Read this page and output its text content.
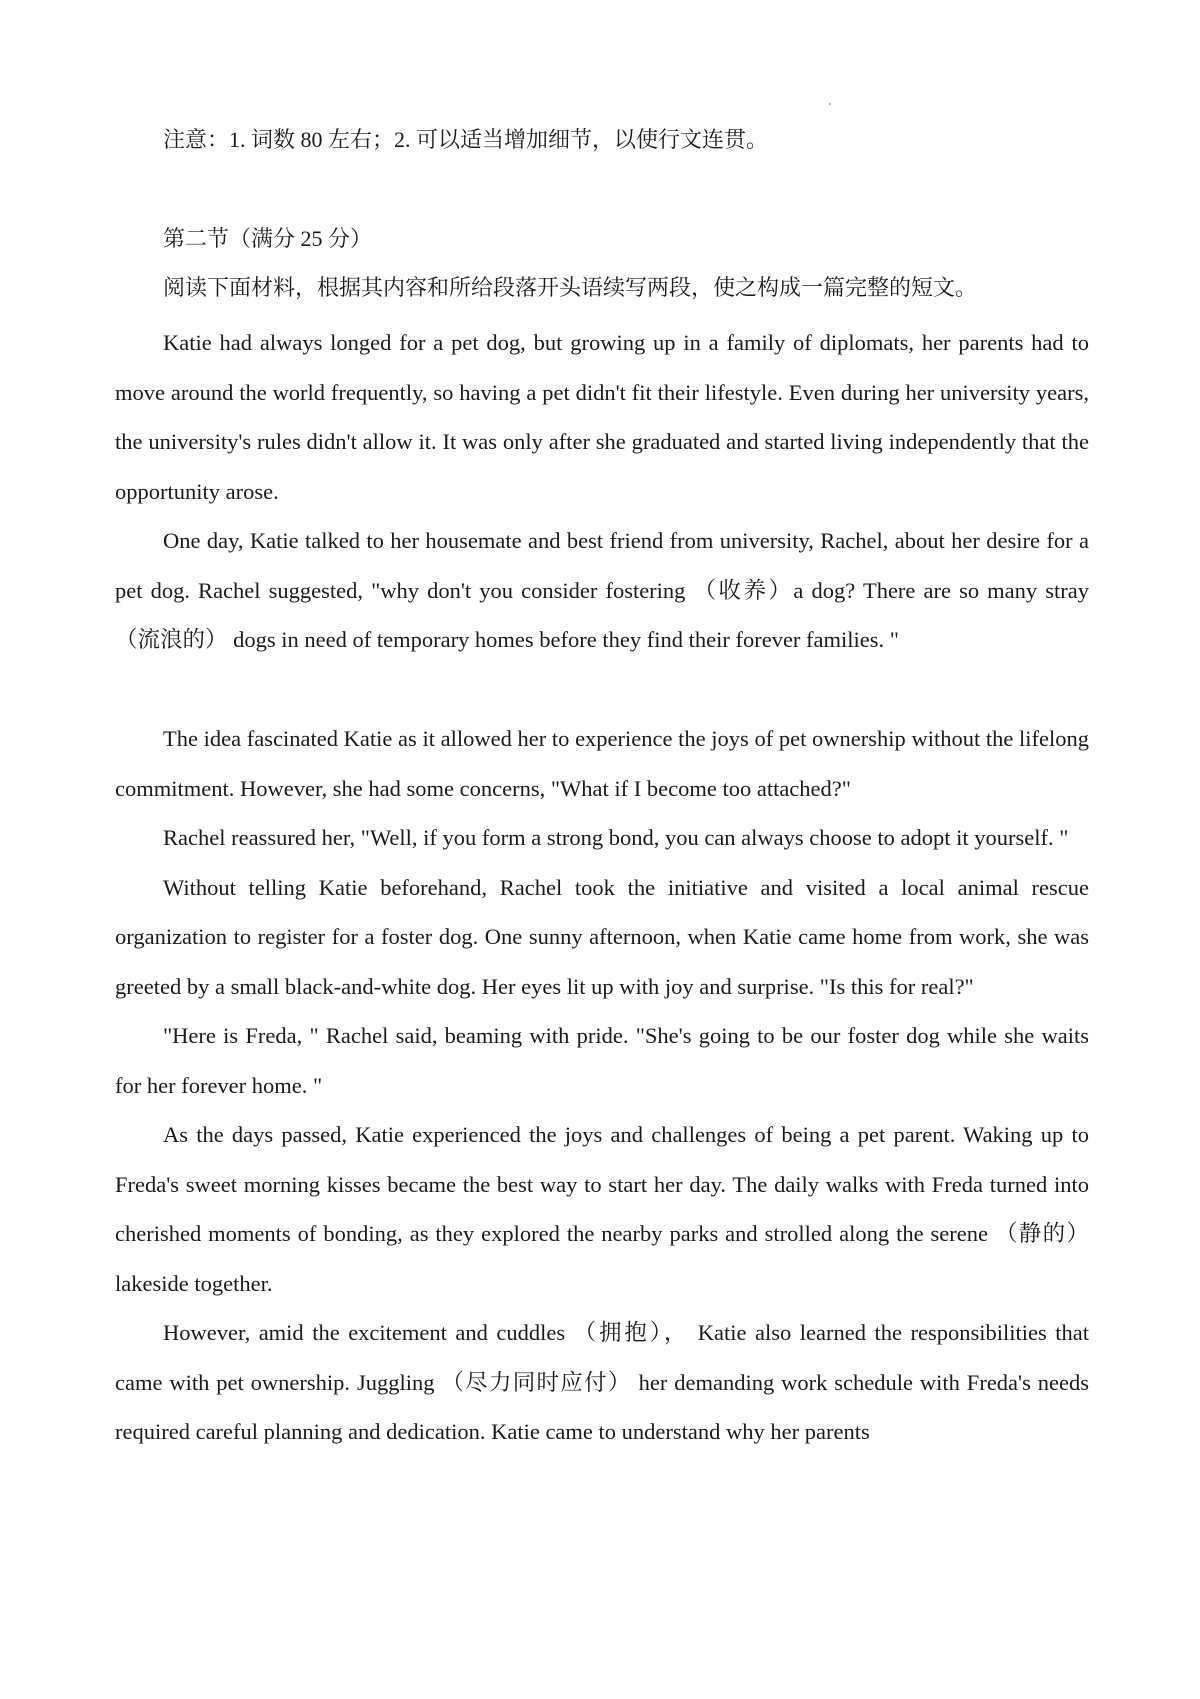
注意：1. 词数 80 左右；2. 可以适当增加细节，以使行文连贯。
第二节（满分 25 分）
阅读下面材料，根据其内容和所给段落开头语续写两段，使之构成一篇完整的短文。

Katie had always longed for a pet dog, but growing up in a family of diplomats, her parents had to move around the world frequently, so having a pet didn't fit their lifestyle. Even during her university years, the university's rules didn't allow it. It was only after she graduated and started living independently that the opportunity arose.

One day, Katie talked to her housemate and best friend from university, Rachel, about her desire for a pet dog. Rachel suggested, "why don't you consider fostering （收养）a dog? There are so many stray （流浪的） dogs in need of temporary homes before they find their forever families. "

The idea fascinated Katie as it allowed her to experience the joys of pet ownership without the lifelong commitment. However, she had some concerns, "What if I become too attached?"

Rachel reassured her, "Well, if you form a strong bond, you can always choose to adopt it yourself. "

Without telling Katie beforehand, Rachel took the initiative and visited a local animal rescue organization to register for a foster dog. One sunny afternoon, when Katie came home from work, she was greeted by a small black-and-white dog. Her eyes lit up with joy and surprise. "Is this for real?"

"Here is Freda, " Rachel said, beaming with pride. "She's going to be our foster dog while she waits for her forever home. "

As the days passed, Katie experienced the joys and challenges of being a pet parent. Waking up to Freda's sweet morning kisses became the best way to start her day. The daily walks with Freda turned into cherished moments of bonding, as they explored the nearby parks and strolled along the serene （静的）lakeside together.

However, amid the excitement and cuddles （拥抱）， Katie also learned the responsibilities that came with pet ownership. Juggling （尽力同时应付） her demanding work schedule with Freda's needs required careful planning and dedication. Katie came to understand why her parents
